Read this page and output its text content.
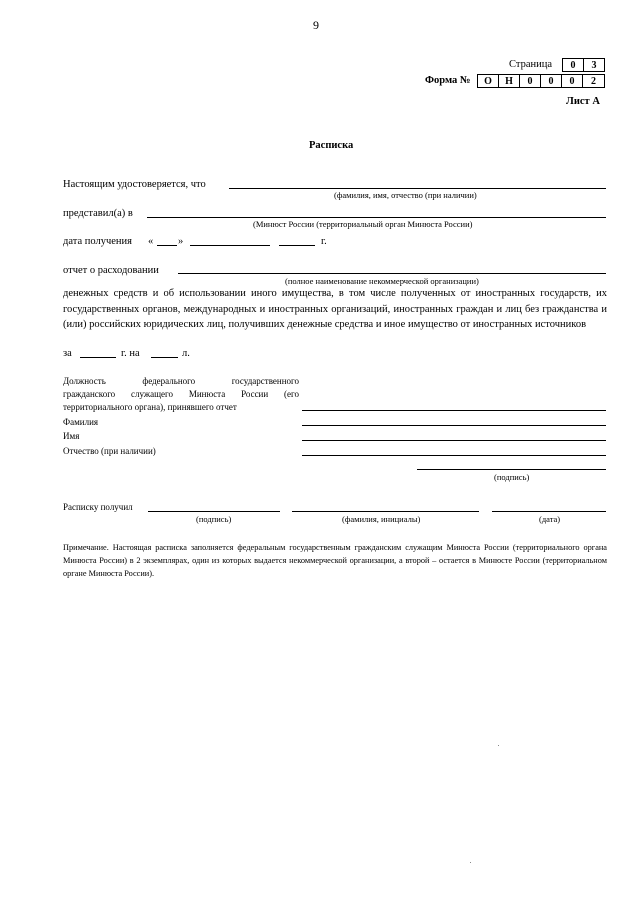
9
Страница	0	3
Форма №	О	Н	0	0	0	2
Лист А
Расписка
Настоящим удостоверяется, что
(фамилия, имя, отчество (при наличии)
представил(а) в
(Минюст России (территориальный орган Минюста России)
дата получения « »	г.
отчет о расходовании
(полное наименование некоммерческой организации)
денежных средств и об использовании иного имущества, в том числе полученных от иностранных государств, их государственных органов, международных и иностранных организаций, иностранных граждан и лиц без гражданства и (или) российских юридических лиц, получивших денежные средства и иное имущество от иностранных источников
за	г. на	л.
Должность федерального государственного
гражданского служащего Минюста России (его
территориального органа), принявшего отчет
Фамилия
Имя
Отчество (при наличии)
(подпись)
Расписку получил
(подпись)	(фамилия, инициалы)	(дата)
Примечание. Настоящая расписка заполняется федеральным государственным гражданским служащим Минюста России (территориального органа Минюста России) в 2 экземплярах, один из которых выдается некоммерческой организации, а второй – остается в Минюсте России (территориальном органе Минюста России).
